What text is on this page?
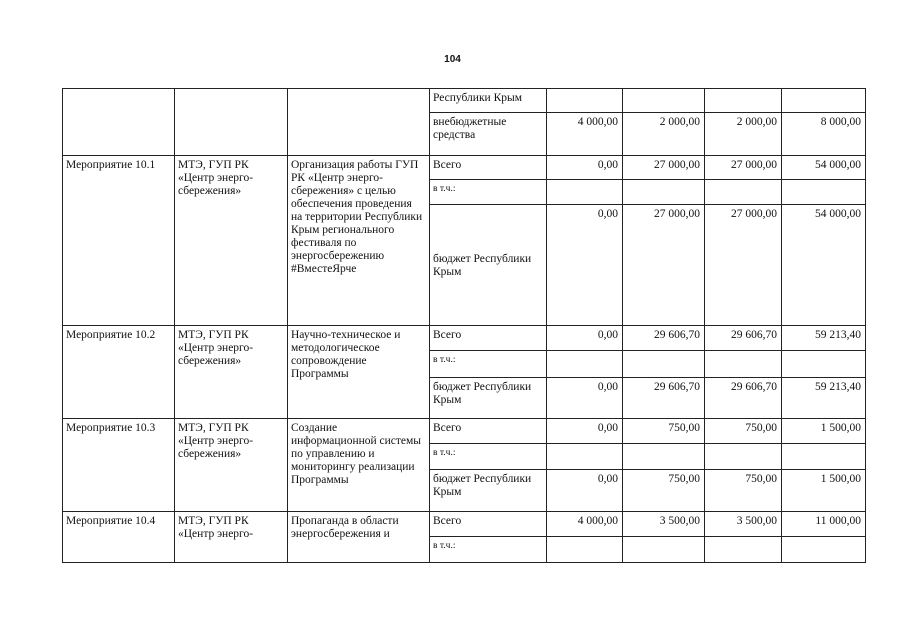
104
			Республики Крым				
			внебюджетные средства	4 000,00	2 000,00	2 000,00	8 000,00
Мероприятие 10.1	МТЭ, ГУП РК «Центр энерго-сбережения»	Организация работы ГУП РК «Центр энерго-сбережения» с целью обеспечения проведения на территории Республики Крым регионального фестиваля по энергосбережению #ВместеЯрче	Всего	0,00	27 000,00	27 000,00	54 000,00
			в т.ч.:				
			бюджет Республики Крым	0,00	27 000,00	27 000,00	54 000,00
Мероприятие 10.2	МТЭ, ГУП РК «Центр энерго-сбережения»	Научно-техническое и методологическое сопровождение Программы	Всего	0,00	29 606,70	29 606,70	59 213,40
			в т.ч.:				
			бюджет Республики Крым	0,00	29 606,70	29 606,70	59 213,40
Мероприятие 10.3	МТЭ, ГУП РК «Центр энерго-сбережения»	Создание информационной системы по управлению и мониторингу реализации Программы	Всего	0,00	750,00	750,00	1 500,00
			в т.ч.:				
			бюджет Республики Крым	0,00	750,00	750,00	1 500,00
Мероприятие 10.4	МТЭ, ГУП РК «Центр энерго-	Пропаганда в области энергосбережения и	Всего	4 000,00	3 500,00	3 500,00	11 000,00
			в т.ч.:				
